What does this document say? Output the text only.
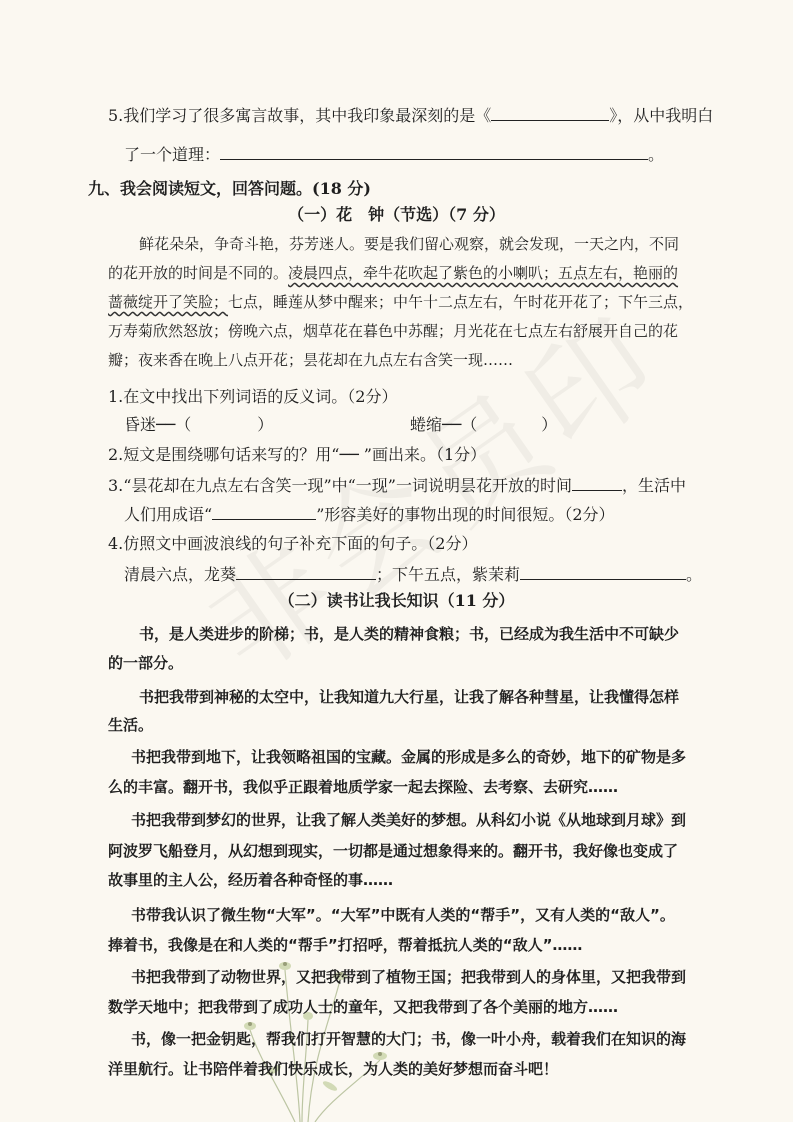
5.我们学习了很多寓言故事，其中我印象最深刻的是《	》，从中我明白
了一个道理：	。
九、我会阅读短文，回答问题。(18 分)
（一）花　钟（节选）（7 分）
鲜花朵朵，争奇斗艳，芬芳迷人。要是我们留心观察，就会发现，一天之内，不同
的花开放的时间是不同的。凌晨四点，牵牛花吹起了紫色的小喇叭；五点左右，艳丽的
蔷薇绽开了笑脸；七点，睡莲从梦中醒来；中午十二点左右，午时花开花了；下午三点，
万寿菊欣然怒放；傍晚六点，烟草花在暮色中苏醒；月光花在七点左右舒展开自己的花
瓣；夜来香在晚上八点开花；昙花却在九点左右含笑一现……
1.在文中找出下列词语的反义词。（2分）
昏迷──（	）	蜷缩──（	）
2.短文是围绕哪句话来写的？用“── ”画出来。（1分）
3.“昙花却在九点左右含笑一现”中“一现”一词说明昙花开放的时间	，生活中
人们用成语“	”形容美好的事物出现的时间很短。（2分）
4.仿照文中画波浪线的句子补充下面的句子。（2分）
清晨六点，龙葵	；下午五点，紫茉莉	。
（二）读书让我长知识（11 分）
书，是人类进步的阶梯；书，是人类的精神食粮；书，已经成为我生活中不可缺少
的一部分。
书把我带到神秘的太空中，让我知道九大行星，让我了解各种彗星，让我懂得怎样
生活。
书把我带到地下，让我领略祖国的宝藏。金属的形成是多么的奇妙，地下的矿物是多
么的丰富。翻开书，我似乎正跟着地质学家一起去探险、去考察、去研究……
书把我带到梦幻的世界，让我了解人类美好的梦想。从科幻小说《从地球到月球》到
阿波罗飞船登月，从幻想到现实，一切都是通过想象得来的。翻开书，我好像也变成了
故事里的主人公，经历着各种奇怪的事……
书带我认识了微生物“大军”。“大军”中既有人类的“帮手”，又有人类的“敌人”。
捧着书，我像是在和人类的“帮手”打招呼，帮着抵抗人类的“敌人”……
书把我带到了动物世界，又把我带到了植物王国；把我带到人的身体里，又把我带到
数学天地中；把我带到了成功人士的童年，又把我带到了各个美丽的地方……
书，像一把金钥匙，帮我们打开智慧的大门；书，像一叶小舟，载着我们在知识的海
洋里航行。让书陪伴着我们快乐成长，为人类的美好梦想而奋斗吧！
